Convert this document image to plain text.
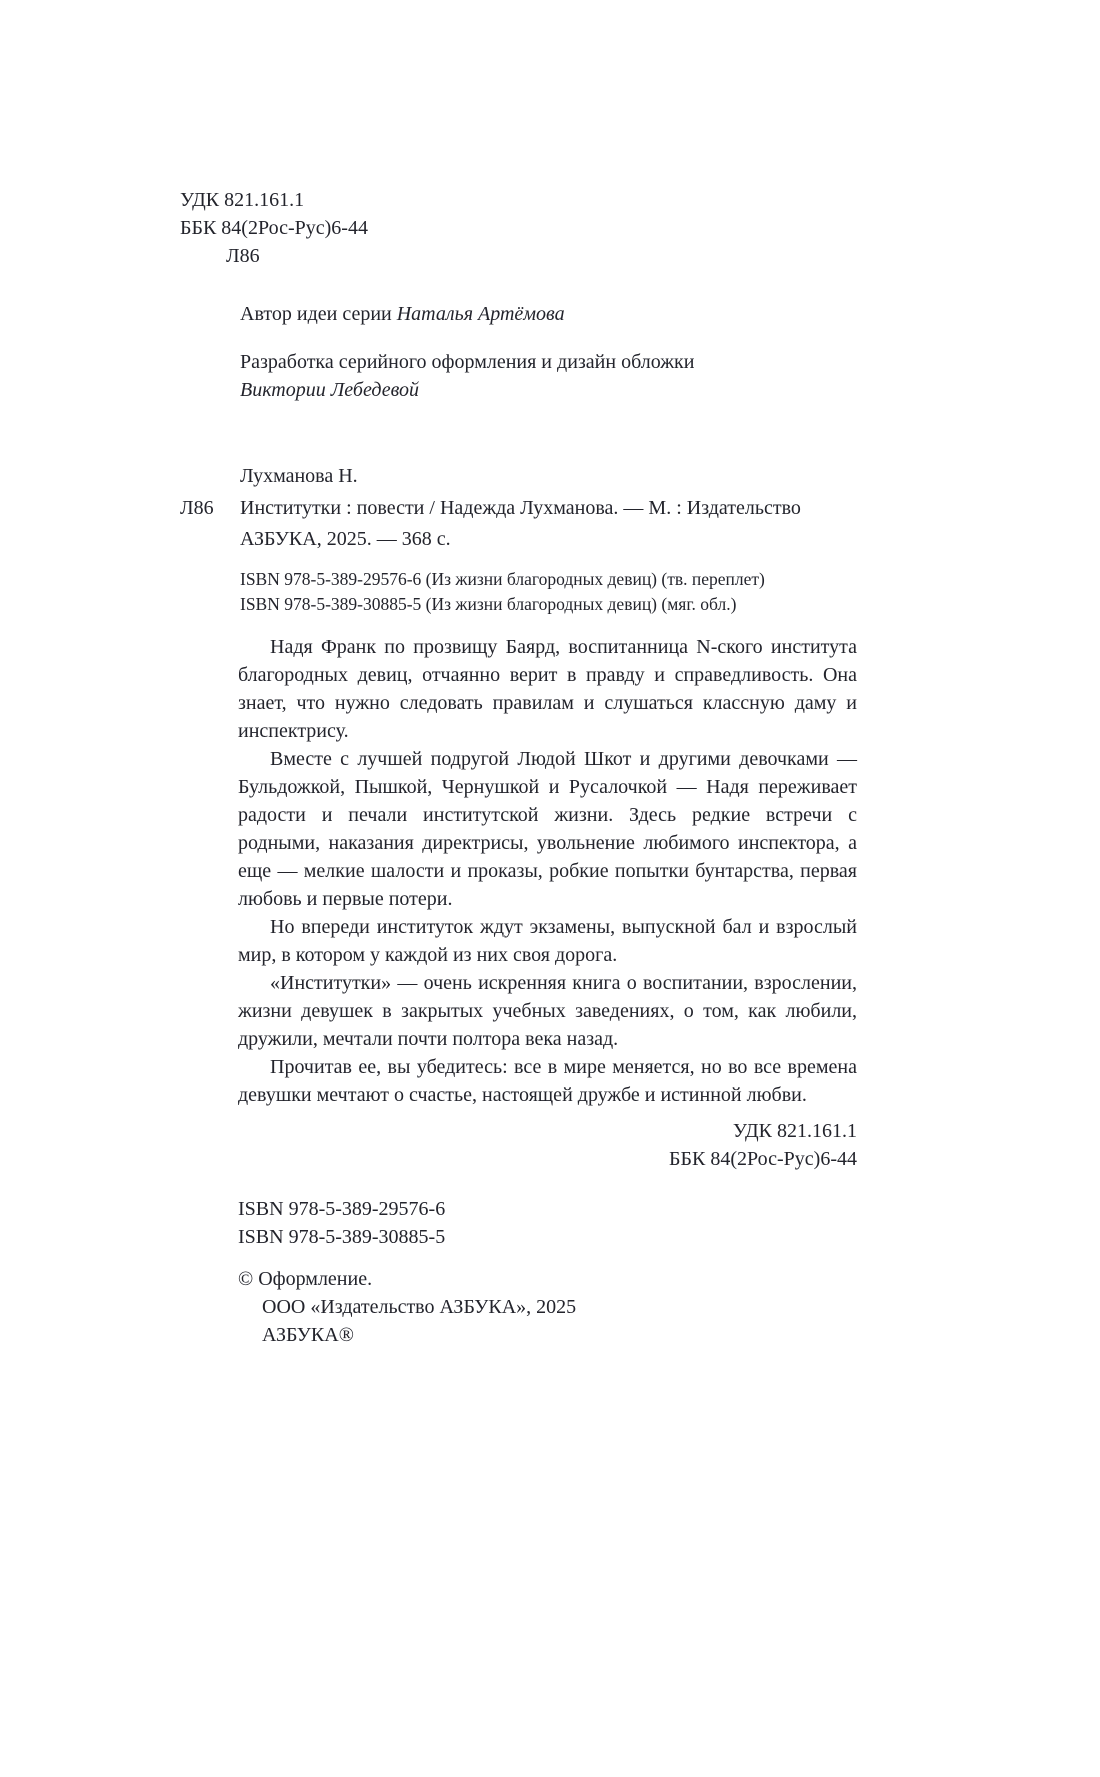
УДК 821.161.1
ББК 84(2Рос-Рус)6-44
Л86

Автор идеи серии Наталья Артёмова

Разработка серийного оформления и дизайн обложки
Виктории Лебедевой

Лухманова Н.
Л86 Институтки : повести / Надежда Лухманова. — М. : Издательство АЗБУКА, 2025. — 368 с.
ISBN 978-5-389-29576-6 (Из жизни благородных девиц) (тв. переплет)
ISBN 978-5-389-30885-5 (Из жизни благородных девиц) (мяг. обл.)

Надя Франк по прозвищу Баярд, воспитанница N-ского института благородных девиц, отчаянно верит в правду и справедливость. Она знает, что нужно следовать правилам и слушаться классную даму и инспектрису.

Вместе с лучшей подругой Людой Шкот и другими девочками — Бульдожкой, Пышкой, Чернушкой и Русалочкой — Надя переживает радости и печали институтской жизни. Здесь редкие встречи с родными, наказания директрисы, увольнение любимого инспектора, а еще — мелкие шалости и проказы, робкие попытки бунтарства, первая любовь и первые потери.

Но впереди институток ждут экзамены, выпускной бал и взрослый мир, в котором у каждой из них своя дорога.

«Институтки» — очень искренняя книга о воспитании, взрослении, жизни девушек в закрытых учебных заведениях, о том, как любили, дружили, мечтали почти полтора века назад.

Прочитав ее, вы убедитесь: все в мире меняется, но во все времена девушки мечтают о счастье, настоящей дружбе и истинной любви.

УДК 821.161.1
ББК 84(2Рос-Рус)6-44
ISBN 978-5-389-29576-6
ISBN 978-5-389-30885-5
© Оформление.
ООО «Издательство АЗБУКА», 2025
АЗБУКА®
